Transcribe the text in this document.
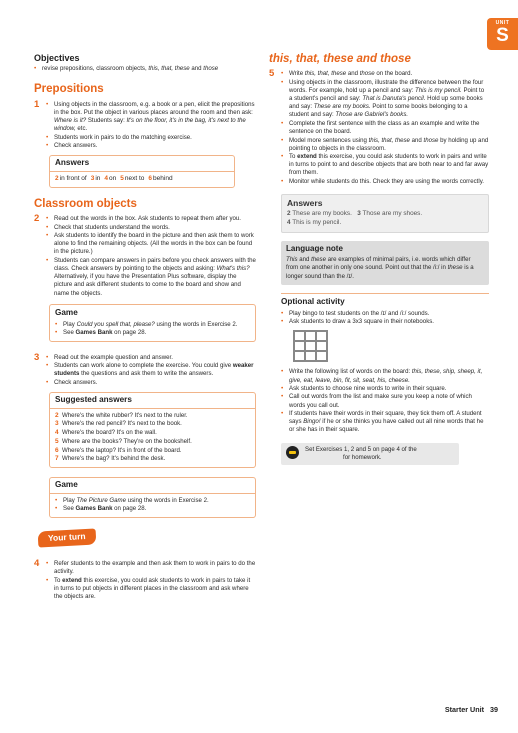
UNIT
S
Objectives
• revise prepositions, classroom objects, this, that, these and those
Prepositions
1	• Using objects in the classroom, e.g. a book or a pen, elicit the prepositions in the box. Put the object in various places around the room and then ask: Where is it? Students say: It's on the floor, it's in the bag, it's next to the window, etc.
• Students work in pairs to do the matching exercise.
• Check answers.
Answers
2in front of 3in 4on 5next to 6behind
Classroom objects
2	• Read out the words in the box. Ask students to repeat them after you.
• Check that students understand the words.
• Ask students to identify the board in the picture and then ask them to work alone to find the remaining objects. (All the words in the box can be found in the picture.)
• Students can compare answers in pairs before you check answers with the class. Check answers by pointing to the objects and asking: What's this? Alternatively, if you have the Presentation Plus software, display the picture and ask different students to come to the board and show and name the objects.
Game
• Play Could you spell that, please? using the words in Exercise 2.
• See Games Bank on page 28.
3	• Read out the example question and answer.
• Students can work alone to complete the exercise. You could give weaker students the questions and ask them to write the answers.
• Check answers.
Suggested answers
2 Where's the white rubber? It's next to the ruler.
3 Where's the red pencil? It's next to the book.
4 Where's the board? It's on the wall.
5 Where are the books? They're on the bookshelf.
6 Where's the laptop? It's in front of the board.
7 Where's the bag? It's behind the desk.
Game
• Play The Picture Game using the words in Exercise 2.
• See Games Bank on page 28.
Your turn
4	• Refer students to the example and then ask them to work in pairs to do the activity.
• To extend this exercise, you could ask students to work in pairs to take it in turns to put objects in different places in the classroom and ask where the objects are.
this, that, these and those
5	• Write this, that, these and those on the board.
• Using objects in the classroom, illustrate the difference between the four words. For example, hold up a pencil and say: This is my pencil. Point to a student's pencil and say: That is Danuta's pencil. Hold up some books and say: These are my books. Point to some books belonging to a student and say: Those are Gabriel's books.
• Complete the first sentence with the class as an example and write the sentence on the board.
• Model more sentences using this, that, these and those by holding up and pointing to objects in the classroom.
• To extend this exercise, you could ask students to work in pairs and write in turns to point to and describe objects that are both near to and far away from them.
• Monitor while students do this. Check they are using the words correctly.
Answers
2 These are my books. 3 Those are my shoes.
4 This is my pencil.
Language note
This and these are examples of minimal pairs, i.e. words which differ from one another in only one sound. Point out that the /i:/ in these is a longer sound than the /ɪ/.
Optional activity
• Play bingo to test students on the /ɪ/ and /i:/ sounds.
• Ask students to draw a 3x3 square in their notebooks.
• Write the following list of words on the board: this, these, ship, sheep, it, give, eat, leave, bin, fit, sit, seat, his, cheese.
• Ask students to choose nine words to write in their square.
• Call out words from the list and make sure you keep a note of which words you call out.
• If students have their words in their square, they tick them off. A student says Bingo! if he or she thinks you have called out all nine words that he or she has in their square.
Set Exercises 1, 2 and 5 on page 4 of the
for homework.
Starter Unit 39
